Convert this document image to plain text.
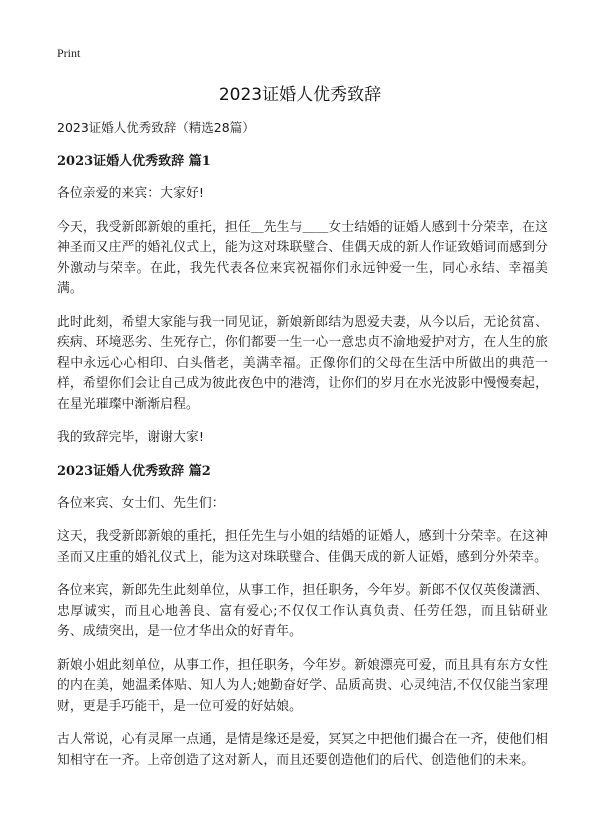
Print
2023证婚人优秀致辞

2023证婚人优秀致辞（精选28篇）

2023证婚人优秀致辞 篇1

各位亲爱的来宾：大家好!

今天，我受新郎新娘的重托，担任＿先生与＿＿女士结婚的证婚人感到十分荣幸，在这神圣而又庄严的婚礼仪式上，能为这对珠联璧合、佳偶天成的新人作证致婚词而感到分外激动与荣幸。在此，我先代表各位来宾祝福你们永远钟爱一生，同心永结、幸福美满。

此时此刻，希望大家能与我一同见证，新娘新郎结为恩爱夫妻，从今以后，无论贫富、疾病、环境恶劣、生死存亡，你们都要一生一心一意忠贞不渝地爱护对方，在人生的旅程中永远心心相印、白头偕老，美满幸福。正像你们的父母在生活中所做出的典范一样，希望你们会让自己成为彼此夜色中的港湾，让你们的岁月在水光波影中慢慢奏起，在星光璀璨中渐渐启程。

我的致辞完毕，谢谢大家!

2023证婚人优秀致辞 篇2

各位来宾、女士们、先生们：

这天，我受新郎新娘的重托，担任先生与小姐的结婚的证婚人，感到十分荣幸。在这神圣而又庄重的婚礼仪式上，能为这对珠联璧合、佳偶天成的新人证婚，感到分外荣幸。

各位来宾，新郎先生此刻单位，从事工作，担任职务，今年岁。新郎不仅仅英俊潇洒、忠厚诚实，而且心地善良、富有爱心;不仅仅工作认真负责、任劳任怨，而且钻研业务、成绩突出，是一位才华出众的好青年。

新娘小姐此刻单位，从事工作，担任职务，今年岁。新娘漂亮可爱，而且具有东方女性的内在美，她温柔体贴、知人为人;她勤奋好学、品质高贵、心灵纯洁,不仅仅能当家理财，更是手巧能干，是一位可爱的好姑娘。

古人常说，心有灵犀一点通，是情是缘还是爱，冥冥之中把他们撮合在一齐，使他们相知相守在一齐。上帝创造了这对新人，而且还要创造他们的后代、创造他们的未来。
